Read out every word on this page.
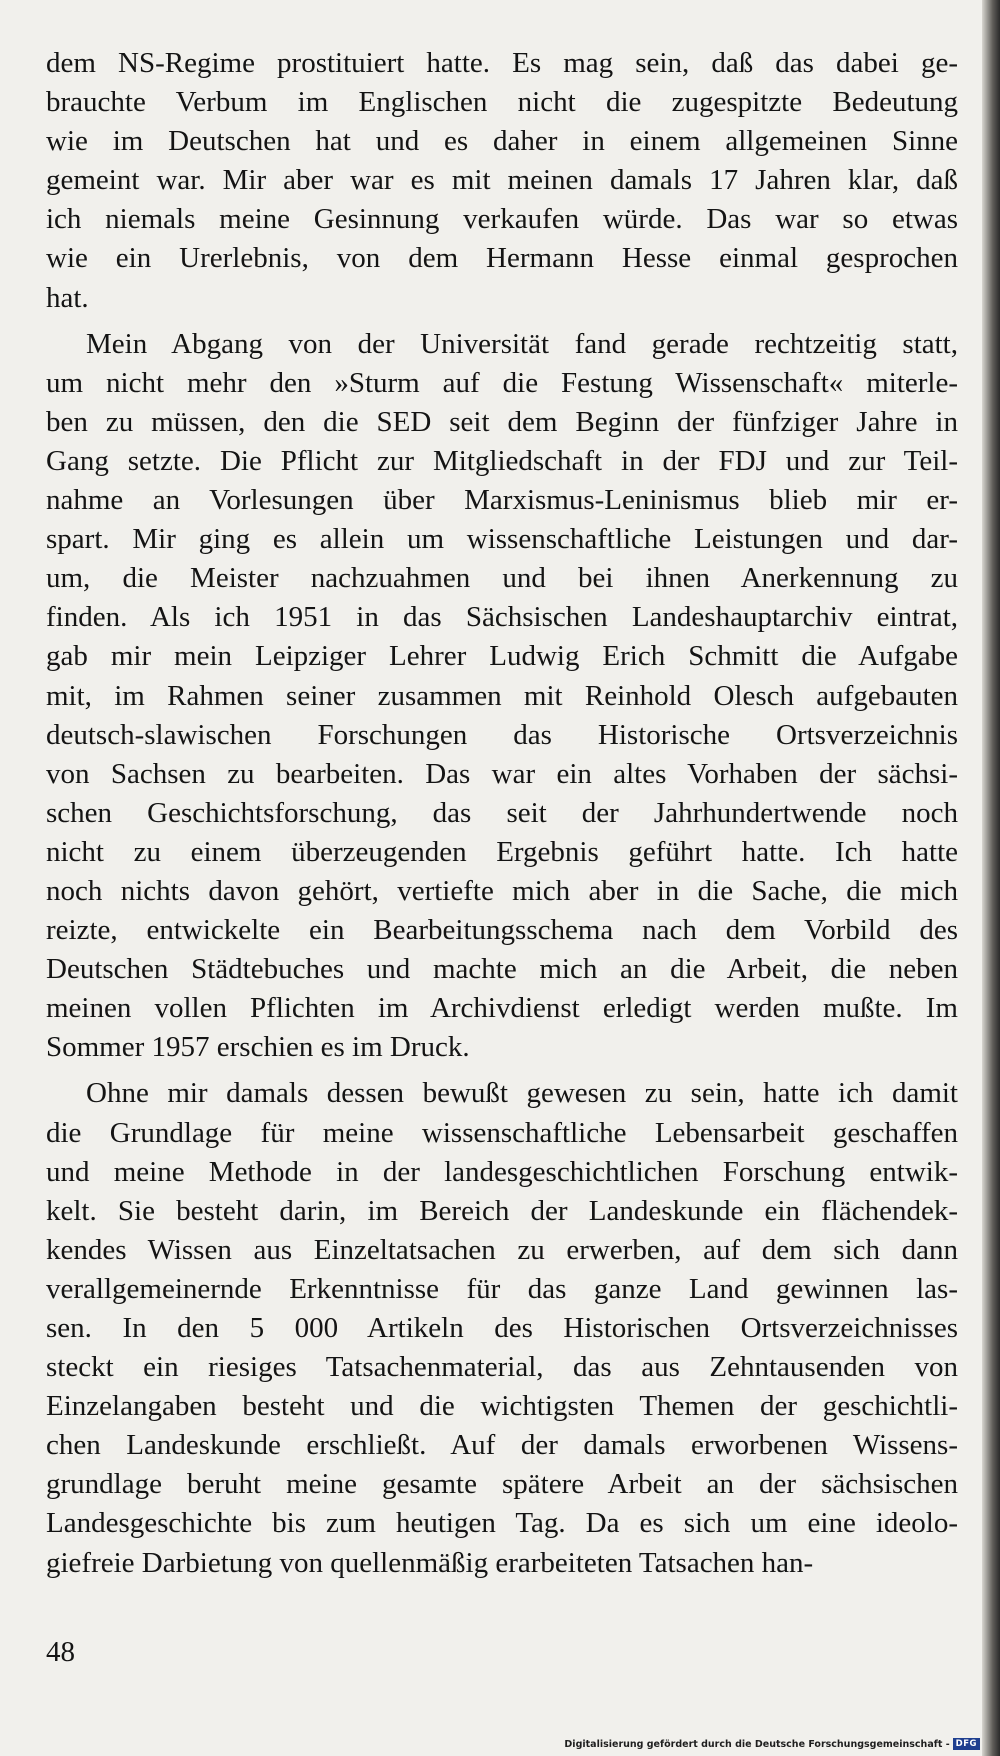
dem NS-Regime prostituiert hatte. Es mag sein, daß das dabei ge-
brauchte Verbum im Englischen nicht die zugespitzte Bedeutung
wie im Deutschen hat und es daher in einem allgemeinen Sinne
gemeint war. Mir aber war es mit meinen damals 17 Jahren klar, daß
ich niemals meine Gesinnung verkaufen würde. Das war so etwas
wie ein Urerlebnis, von dem Hermann Hesse einmal gesprochen
hat.
Mein Abgang von der Universität fand gerade rechtzeitig statt,
um nicht mehr den »Sturm auf die Festung Wissenschaft« miterle-
ben zu müssen, den die SED seit dem Beginn der fünfziger Jahre in
Gang setzte. Die Pflicht zur Mitgliedschaft in der FDJ und zur Teil-
nahme an Vorlesungen über Marxismus-Leninismus blieb mir er-
spart. Mir ging es allein um wissenschaftliche Leistungen und dar-
um, die Meister nachzuahmen und bei ihnen Anerkennung zu
finden. Als ich 1951 in das Sächsischen Landeshauptarchiv eintrat,
gab mir mein Leipziger Lehrer Ludwig Erich Schmitt die Aufgabe
mit, im Rahmen seiner zusammen mit Reinhold Olesch aufgebauten
deutsch-slawischen Forschungen das Historische Ortsverzeichnis
von Sachsen zu bearbeiten. Das war ein altes Vorhaben der sächsi-
schen Geschichtsforschung, das seit der Jahrhundertwende noch
nicht zu einem überzeugenden Ergebnis geführt hatte. Ich hatte
noch nichts davon gehört, vertiefte mich aber in die Sache, die mich
reizte, entwickelte ein Bearbeitungsschema nach dem Vorbild des
Deutschen Städtebuches und machte mich an die Arbeit, die neben
meinen vollen Pflichten im Archivdienst erledigt werden mußte. Im
Sommer 1957 erschien es im Druck.
Ohne mir damals dessen bewußt gewesen zu sein, hatte ich damit
die Grundlage für meine wissenschaftliche Lebensarbeit geschaffen
und meine Methode in der landesgeschichtlichen Forschung entwik-
kelt. Sie besteht darin, im Bereich der Landeskunde ein flächendek-
kendes Wissen aus Einzeltatsachen zu erwerben, auf dem sich dann
verallgemeinernde Erkenntnisse für das ganze Land gewinnen las-
sen. In den 5 000 Artikeln des Historischen Ortsverzeichnisses
steckt ein riesiges Tatsachenmaterial, das aus Zehntausenden von
Einzelangaben besteht und die wichtigsten Themen der geschichtli-
chen Landeskunde erschließt. Auf der damals erworbenen Wissens-
grundlage beruht meine gesamte spätere Arbeit an der sächsischen
Landesgeschichte bis zum heutigen Tag. Da es sich um eine ideolo-
giefreie Darbietung von quellenmäßig erarbeiteten Tatsachen han-
48
Digitalisierung gefördert durch die Deutsche Forschungsgemeinschaft - DFG
